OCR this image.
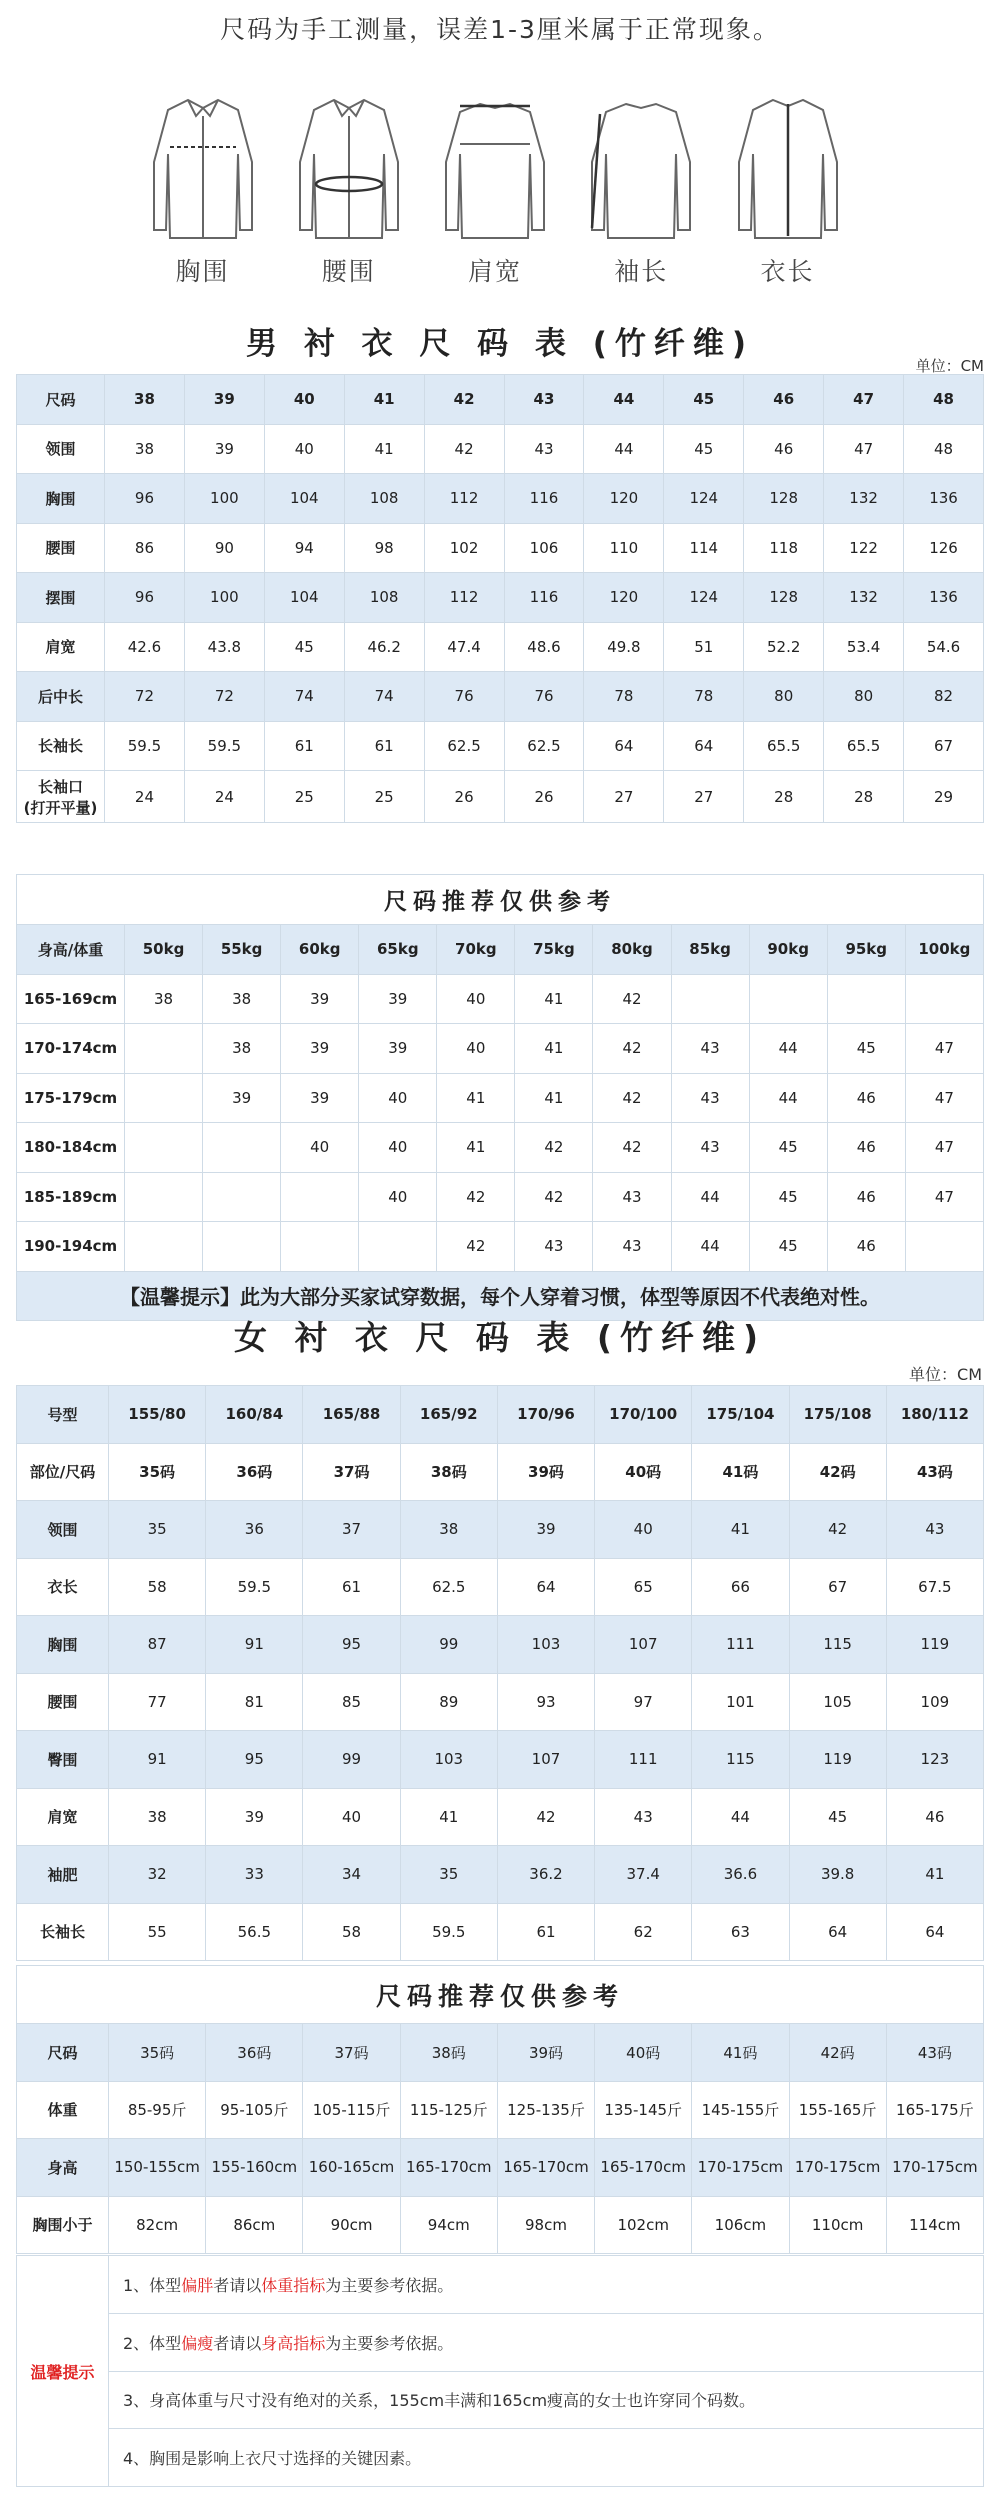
尺码为手工测量，误差1-3厘米属于正常现象。
胸围	腰围	肩宽	袖长	衣长
男 衬 衣 尺 码 表 (竹纤维)
单位：CM
尺码	38	39	40	41	42	43	44	45	46	47	48
领围	38	39	40	41	42	43	44	45	46	47	48
胸围	96	100	104	108	112	116	120	124	128	132	136
腰围	86	90	94	98	102	106	110	114	118	122	126
摆围	96	100	104	108	112	116	120	124	128	132	136
肩宽	42.6	43.8	45	46.2	47.4	48.6	49.8	51	52.2	53.4	54.6
后中长	72	72	74	74	76	76	78	78	80	80	82
长袖长	59.5	59.5	61	61	62.5	62.5	64	64	65.5	65.5	67

长袖口
(打开平量)	24	24	25	25	26	26	27	27	28	28	29
尺码推荐仅供参考											
身高/体重	50kg	55kg	60kg	65kg	70kg	75kg	80kg	85kg	90kg	95kg	100kg
165-169cm	38	38	39	39	40	41	42				
170-174cm		38	39	39	40	41	42	43	44	45	47
175-179cm		39	39	40	41	41	42	43	44	46	47
180-184cm			40	40	41	42	42	43	45	46	47
185-189cm				40	42	42	43	44	45	46	47
190-194cm					42	43	43	44	45	46	
【温馨提示】此为大部分买家试穿数据，每个人穿着习惯，体型等原因不代表绝对性。											
女 衬 衣 尺 码 表 (竹纤维)
单位：CM
号型	155/80	160/84	165/88	165/92	170/96	170/100	175/104	175/108	180/112
部位/尺码	35码	36码	37码	38码	39码	40码	41码	42码	43码
领围	35	36	37	38	39	40	41	42	43
衣长	58	59.5	61	62.5	64	65	66	67	67.5
胸围	87	91	95	99	103	107	111	115	119
腰围	77	81	85	89	93	97	101	105	109
臀围	91	95	99	103	107	111	115	119	123
肩宽	38	39	40	41	42	43	44	45	46
袖肥	32	33	34	35	36.2	37.4	36.6	39.8	41
长袖长	55	56.5	58	59.5	61	62	63	64	64
尺码推荐仅供参考									
尺码	35码	36码	37码	38码	39码	40码	41码	42码	43码
体重	85-95斤	95-105斤	105-115斤	115-125斤	125-135斤	135-145斤	145-155斤	155-165斤	165-175斤
身高	150-155cm	155-160cm	160-165cm	165-170cm	165-170cm	165-170cm	170-175cm	170-175cm	170-175cm
胸围小于	82cm	86cm	90cm	94cm	98cm	102cm	106cm	110cm	114cm
温馨提示
1、体型 偏胖 者请以 体重指标 为主要参考依据。
2、体型 偏瘦 者请以 身高指标 为主要参考依据。
3、身高体重与尺寸没有绝对的关系，155cm丰满和165cm瘦高的女士也许穿同个码数。
4、胸围是影响上衣尺寸选择的关键因素。
